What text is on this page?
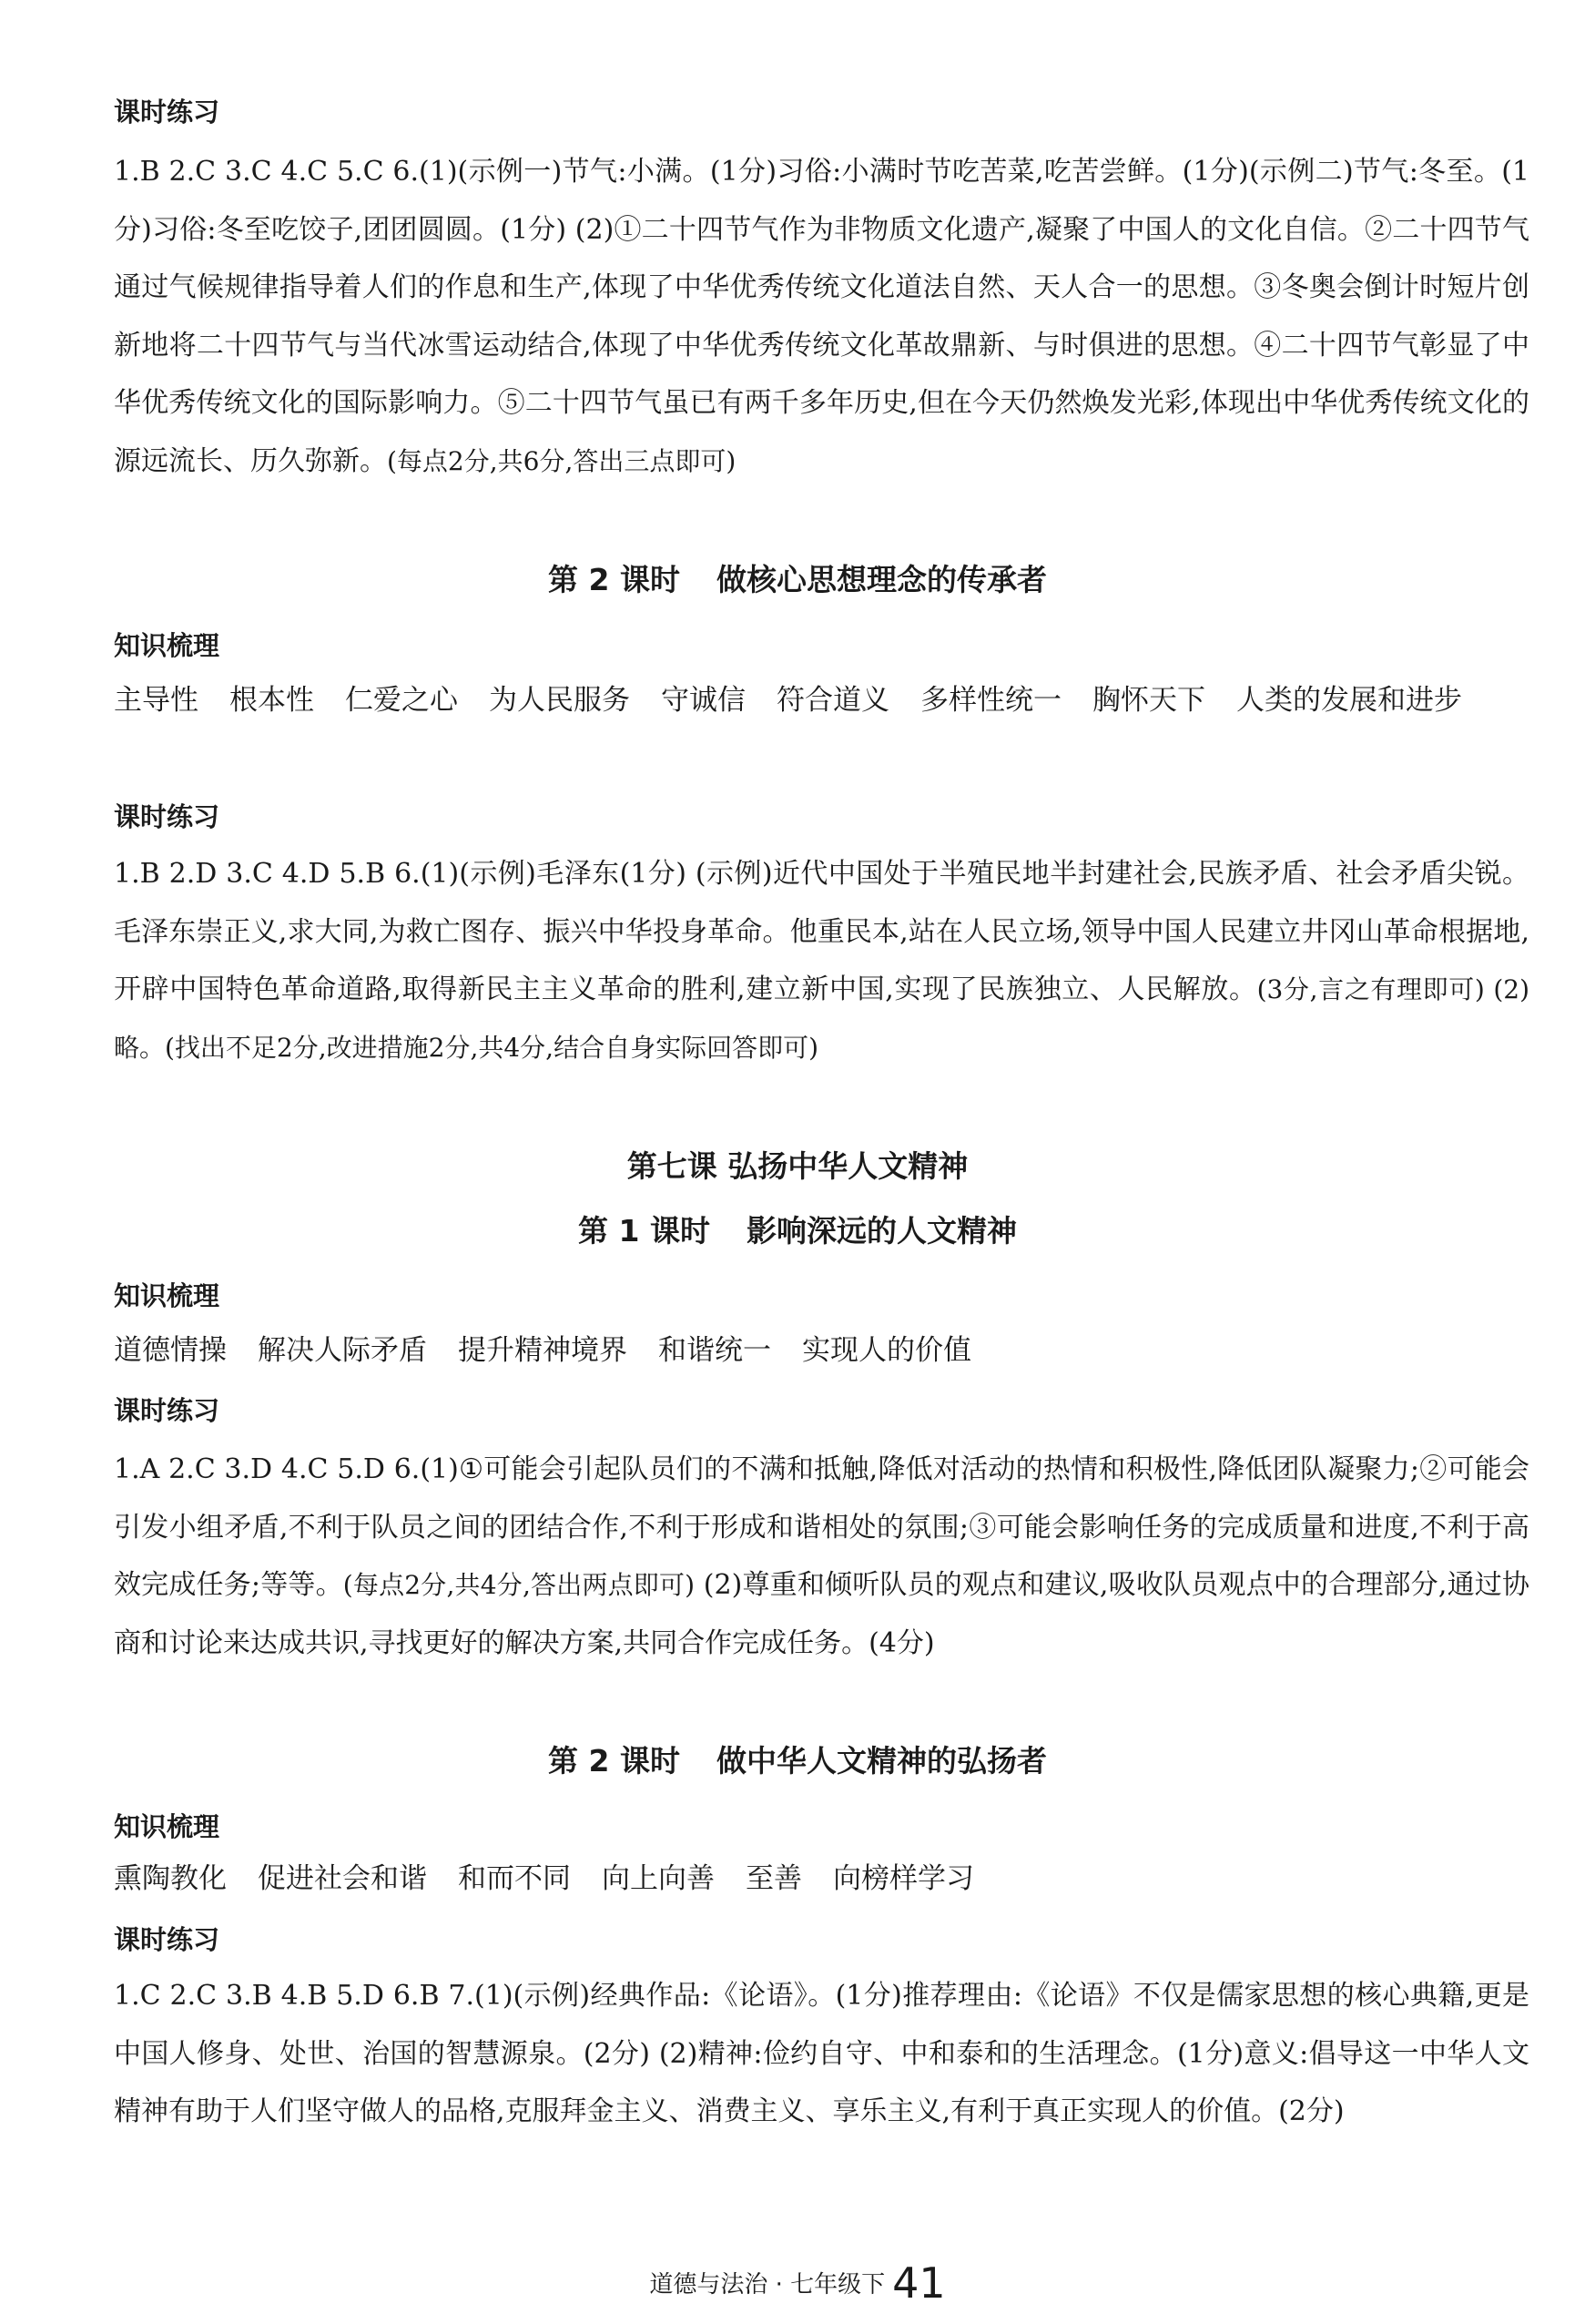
课时练习
1.B 2.C 3.C 4.C 5.C 6.(1)(示例一)节气:小满。(1分)习俗:小满时节吃苦菜,吃苦尝鲜。(1分)(示例二)节气:冬至。(1分)习俗:冬至吃饺子,团团圆圆。(1分) (2)①二十四节气作为非物质文化遗产,凝聚了中国人的文化自信。②二十四节气通过气候规律指导着人们的作息和生产,体现了中华优秀传统文化道法自然、天人合一的思想。③冬奥会倒计时短片创新地将二十四节气与当代冰雪运动结合,体现了中华优秀传统文化革故鼎新、与时俱进的思想。④二十四节气彰显了中华优秀传统文化的国际影响力。⑤二十四节气虽已有两千多年历史,但在今天仍然焕发光彩,体现出中华优秀传统文化的源远流长、历久弥新。(每点2分,共6分,答出三点即可)
第 2 课时 做核心思想理念的传承者
知识梳理
主导性 根本性 仁爱之心 为人民服务 守诚信 符合道义 多样性统一 胸怀天下 人类的发展和进步
课时练习
1.B 2.D 3.C 4.D 5.B 6.(1)(示例)毛泽东(1分) (示例)近代中国处于半殖民地半封建社会,民族矛盾、社会矛盾尖锐。毛泽东崇正义,求大同,为救亡图存、振兴中华投身革命。他重民本,站在人民立场,领导中国人民建立井冈山革命根据地,开辟中国特色革命道路,取得新民主主义革命的胜利,建立新中国,实现了民族独立、人民解放。(3分,言之有理即可) (2)略。(找出不足2分,改进措施2分,共4分,结合自身实际回答即可)
第七课 弘扬中华人文精神
第 1 课时 影响深远的人文精神
知识梳理
道德情操 解决人际矛盾 提升精神境界 和谐统一 实现人的价值
课时练习
1.A 2.C 3.D 4.C 5.D 6.(1)①可能会引起队员们的不满和抵触,降低对活动的热情和积极性,降低团队凝聚力;②可能会引发小组矛盾,不利于队员之间的团结合作,不利于形成和谐相处的氛围;③可能会影响任务的完成质量和进度,不利于高效完成任务;等等。(每点2分,共4分,答出两点即可) (2)尊重和倾听队员的观点和建议,吸收队员观点中的合理部分,通过协商和讨论来达成共识,寻找更好的解决方案,共同合作完成任务。(4分)
第 2 课时 做中华人文精神的弘扬者
知识梳理
熏陶教化 促进社会和谐 和而不同 向上向善 至善 向榜样学习
课时练习
1.C 2.C 3.B 4.B 5.D 6.B 7.(1)(示例)经典作品:《论语》。(1分)推荐理由:《论语》不仅是儒家思想的核心典籍,更是中国人修身、处世、治国的智慧源泉。(2分) (2)精神:俭约自守、中和泰和的生活理念。(1分)意义:倡导这一中华人文精神有助于人们坚守做人的品格,克服拜金主义、消费主义、享乐主义,有利于真正实现人的价值。(2分)
道德与法治 · 七年级下 41
